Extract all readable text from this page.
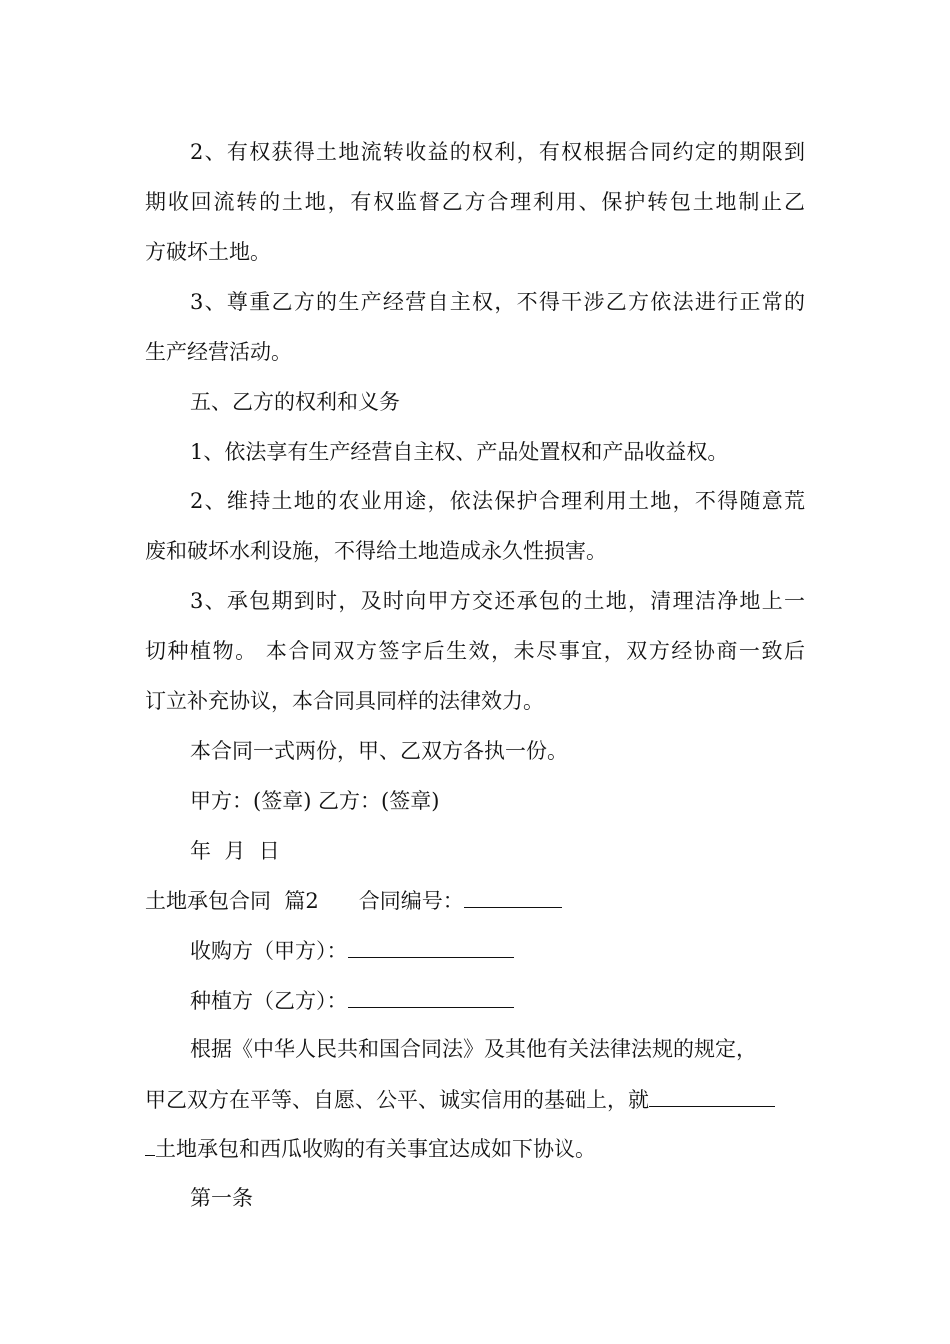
2、有权获得土地流转收益的权利，有权根据合同约定的期限到
期收回流转的土地，有权监督乙方合理利用、保护转包土地制止乙
方破坏土地。
3、尊重乙方的生产经营自主权，不得干涉乙方依法进行正常的
生产经营活动。
五、乙方的权利和义务
1、依法享有生产经营自主权、产品处置权和产品收益权。
2、维持土地的农业用途，依法保护合理利用土地，不得随意荒
废和破坏水利设施，不得给土地造成永久性损害。
3、承包期到时，及时向甲方交还承包的土地，清理洁净地上一
切种植物。 本合同双方签字后生效，未尽事宜，双方经协商一致后
订立补充协议，本合同具同样的法律效力。
本合同一式两份，甲、乙双方各执一份。
甲方：(签章) 乙方：(签章)
年  月  日
土地承包合同  篇2 合同编号：
收购方（甲方）：
种植方（乙方）：
根据《中华人民共和国合同法》及其他有关法律法规的规定，
甲乙双方在平等、自愿、公平、诚实信用的基础上，就
土地承包和西瓜收购的有关事宜达成如下协议。
第一条
